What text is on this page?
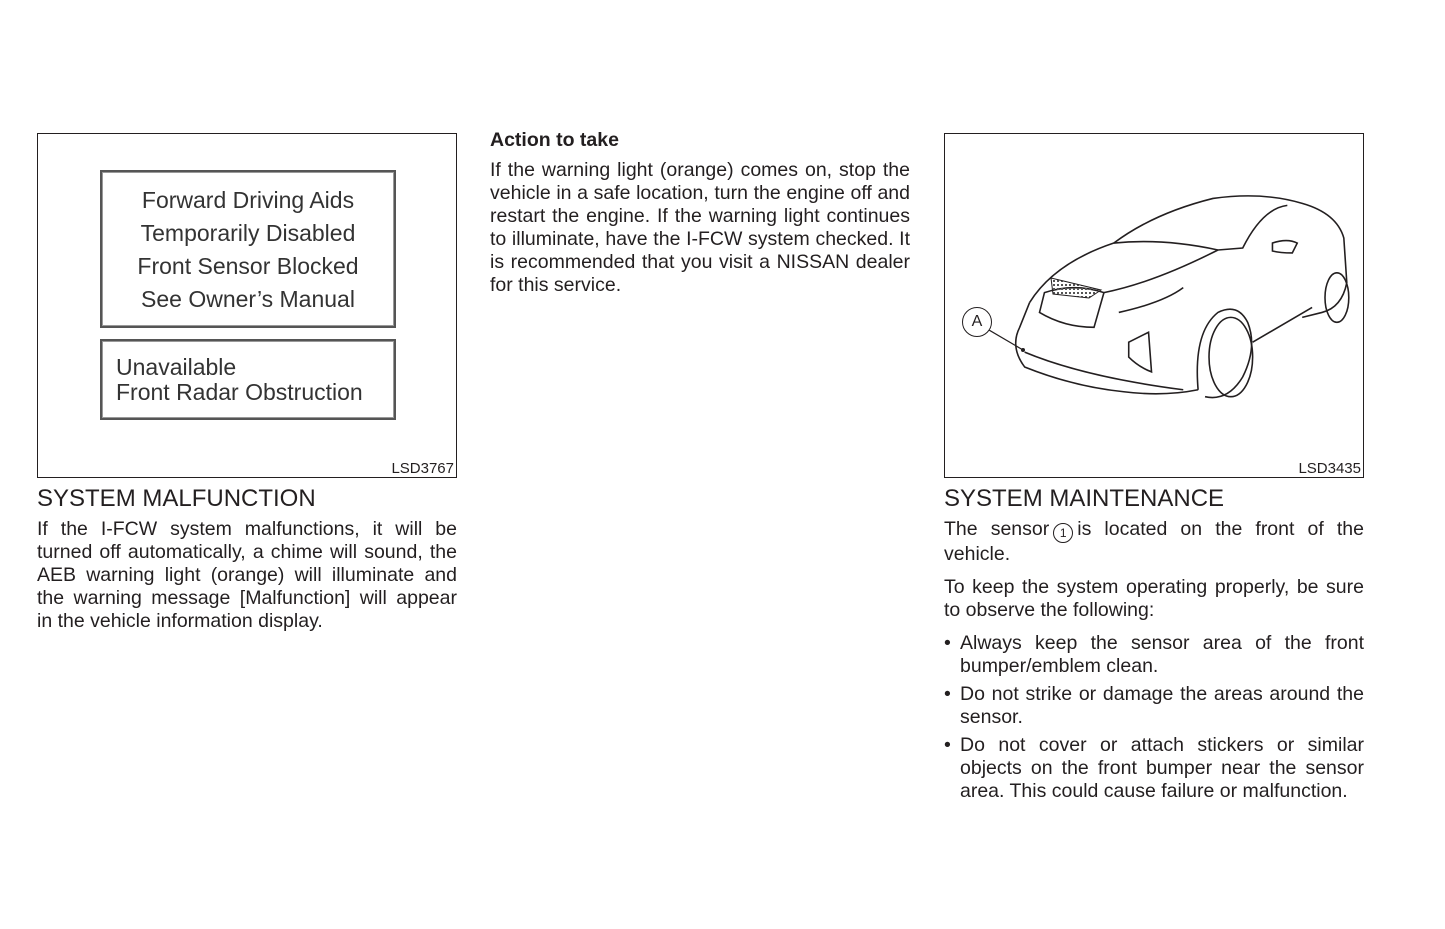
Forward Driving Aids
Temporarily Disabled
Front Sensor Blocked
See Owner’s Manual
Unavailable
Front Radar Obstruction
LSD3767
SYSTEM MALFUNCTION

If the I-FCW system malfunctions, it will be turned off automatically, a chime will sound, the AEB warning light (orange) will illuminate and the warning message [Malfunction] will appear in the vehicle information display.

Action to take

If the warning light (orange) comes on, stop the vehicle in a safe location, turn the engine off and restart the engine. If the warning light continues to illuminate, have the I-FCW system checked. It is recommended that you visit a NISSAN dealer for this service.

A
LSD3435
SYSTEM MAINTENANCE

The sensor 1 is located on the front of the vehicle.

To keep the system operating properly, be sure to observe the following:

• Always keep the sensor area of the front bumper/emblem clean.
• Do not strike or damage the areas around the sensor.
• Do not cover or attach stickers or similar objects on the front bumper near the sensor area. This could cause failure or malfunction.
